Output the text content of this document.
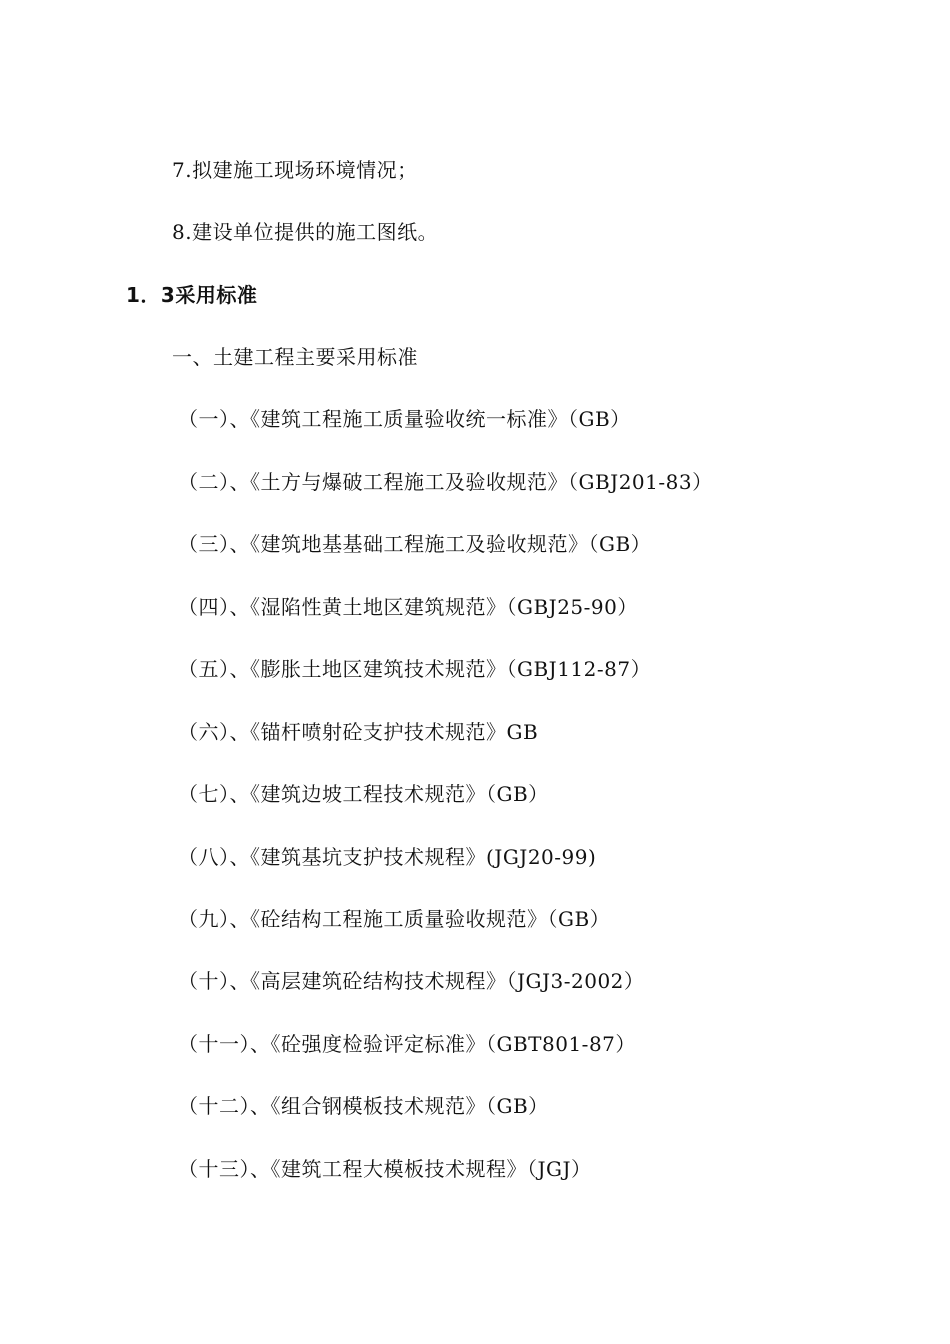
7.拟建施工现场环境情况；
8.建设单位提供的施工图纸。
1．3采用标准
一、土建工程主要采用标准
（一）、《建筑工程施工质量验收统一标准》（GB）
（二）、《土方与爆破工程施工及验收规范》（GBJ201-83）
（三）、《建筑地基基础工程施工及验收规范》（GB）
（四）、《湿陷性黄土地区建筑规范》（GBJ25-90）
（五）、《膨胀土地区建筑技术规范》（GBJ112-87）
（六）、《锚杆喷射砼支护技术规范》GB
（七）、《建筑边坡工程技术规范》（GB）
（八）、《建筑基坑支护技术规程》(JGJ20-99)
（九）、《砼结构工程施工质量验收规范》（GB）
（十）、《高层建筑砼结构技术规程》（JGJ3-2002）
（十一）、《砼强度检验评定标准》（GBT801-87）
（十二）、《组合钢模板技术规范》（GB）
（十三）、《建筑工程大模板技术规程》（JGJ）
